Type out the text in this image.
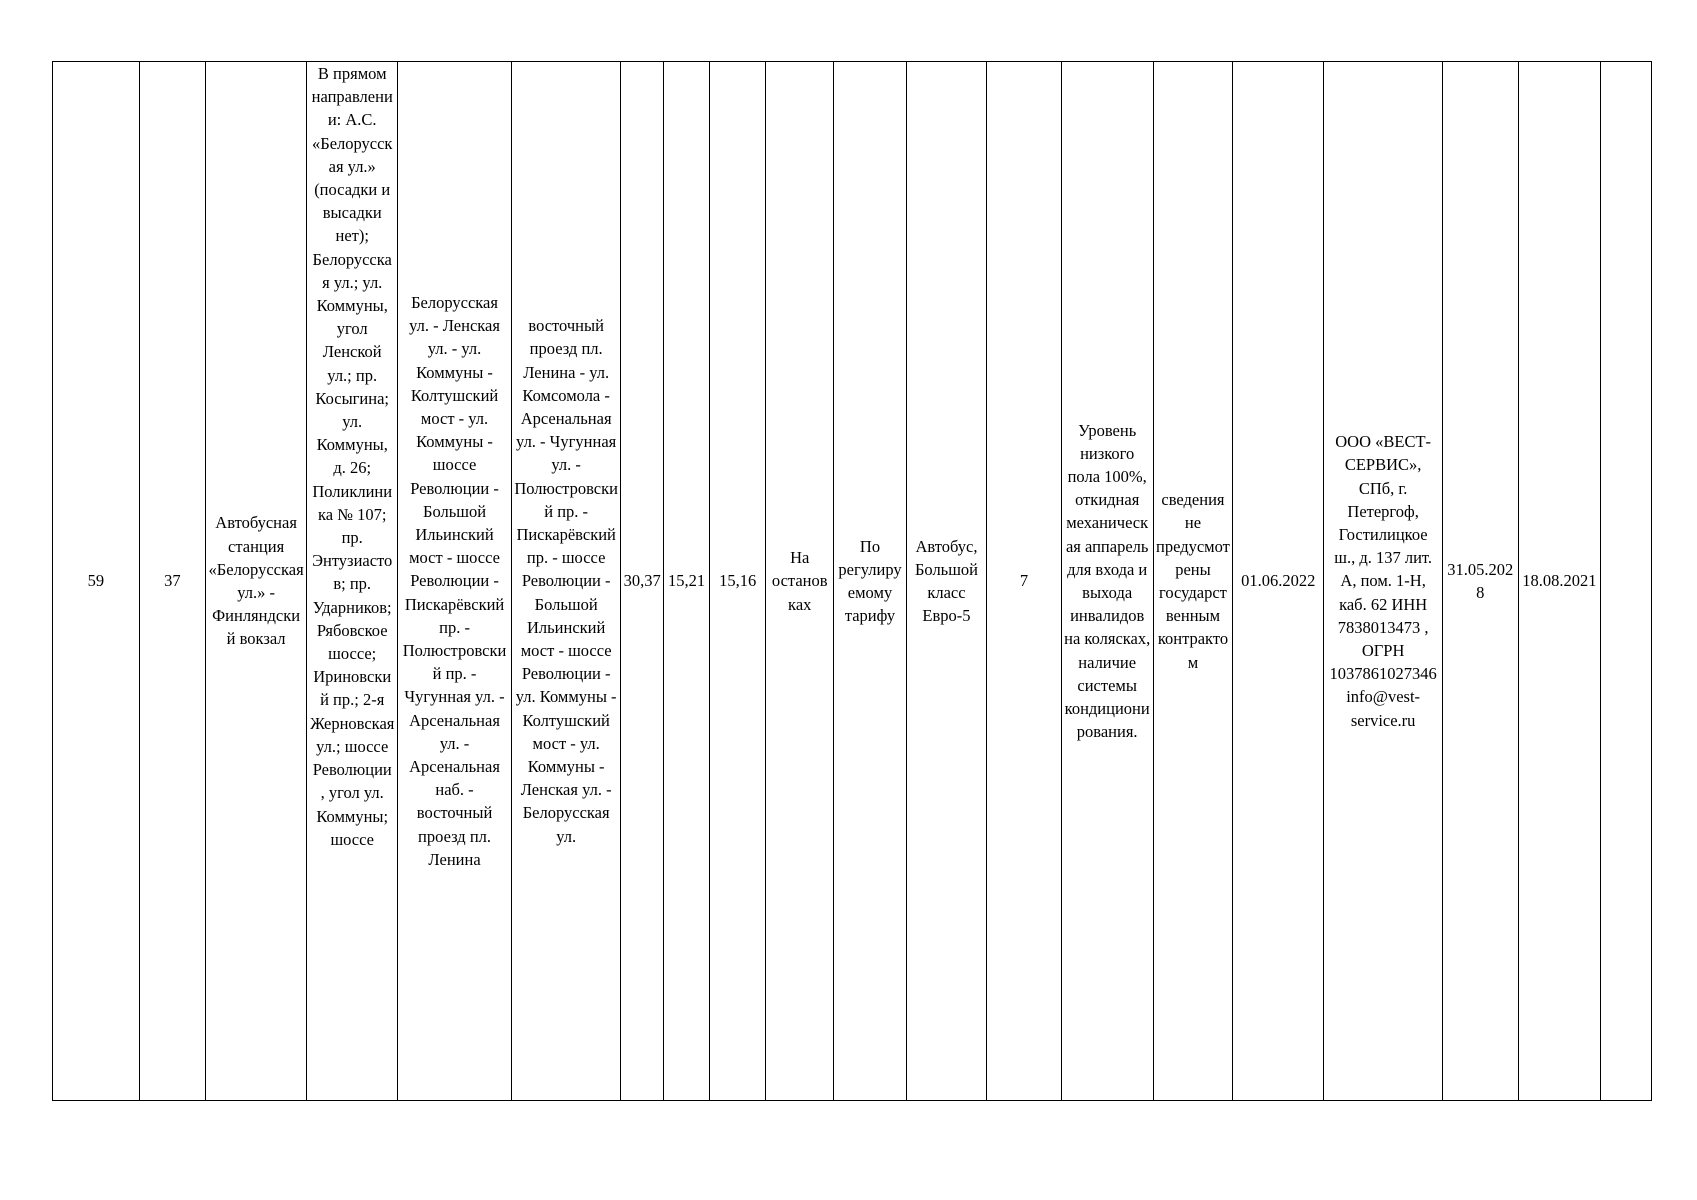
59	37	Автобусная станция «Белорусская ул.» - Финляндский вокзал	В прямом направлении: А.С. «Белорусская ул.» (посадки и высадки нет); Белорусская ул.; ул. Коммуны, угол Ленской ул.; пр. Косыгина; ул. Коммуны, д. 26; Поликлиника № 107; пр. Энтузиастов; пр. Ударников; Рябовское шоссе; Ириновский пр.; 2-я Жерновская ул.; шоссе Революции , угол ул. Коммуны; шоссе	Белорусская ул. - Ленская ул. - ул. Коммуны - Колтушский мост - ул. Коммуны - шоссе Революции - Большой Ильинский мост - шоссе Революции - Пискарёвский пр. - Полюстровский пр. - Чугунная ул. - Арсенальная ул. - Арсенальная наб. - восточный проезд пл. Ленина	восточный проезд пл. Ленина - ул. Комсомола - Арсенальная ул. - Чугунная ул. - Полюстровский пр. - Пискарёвский пр. - шоссе Революции - Большой Ильинский мост - шоссе Революции - ул. Коммуны - Колтушский мост - ул. Коммуны - Ленская ул. - Белорусская ул.	30,37	15,21	15,16	На остановках	По регулируемому тарифу	Автобус, Большой класс Евро-5	7	Уровень низкого пола 100%, откидная механическая аппарель для входа и выхода инвалидов на колясках, наличие системы кондиционирования.	сведения не предусмотрены государственным контрактом	01.06.2022	ООО «ВЕСТ-СЕРВИС», СПб, г. Петергоф, Гостилицкое ш., д. 137 лит. А, пом. 1-Н, каб. 62 ИНН 7838013473 , ОГРН 1037861027346 info@vest-service.ru	31.05.2028	18.08.2021	
